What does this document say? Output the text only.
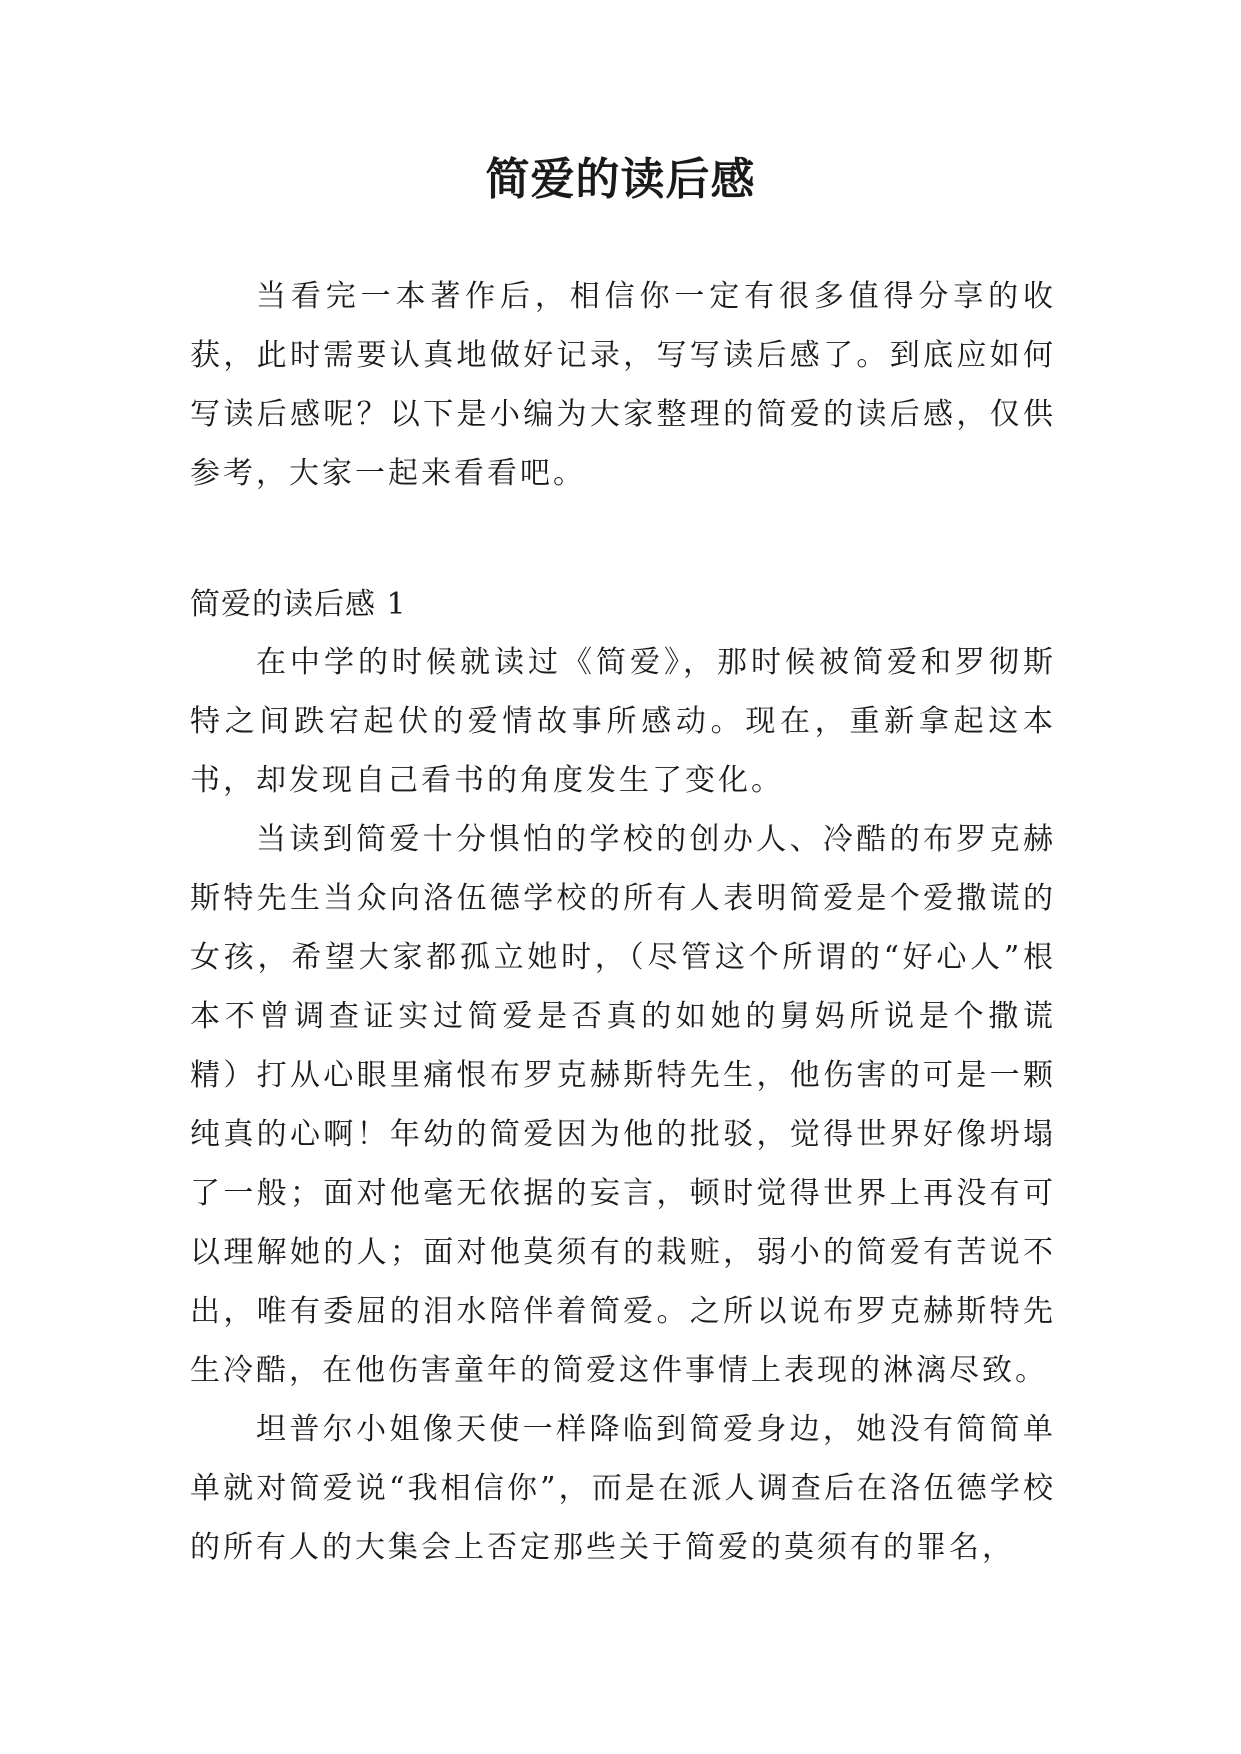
简爱的读后感

当看完一本著作后，相信你一定有很多值得分享的收获，此时需要认真地做好记录，写写读后感了。到底应如何写读后感呢？以下是小编为大家整理的简爱的读后感，仅供参考，大家一起来看看吧。

简爱的读后感 1

在中学的时候就读过《简爱》，那时候被简爱和罗彻斯特之间跌宕起伏的爱情故事所感动。现在，重新拿起这本书，却发现自己看书的角度发生了变化。

当读到简爱十分惧怕的学校的创办人、冷酷的布罗克赫斯特先生当众向洛伍德学校的所有人表明简爱是个爱撒谎的女孩，希望大家都孤立她时，（尽管这个所谓的“好心人”根本不曾调查证实过简爱是否真的如她的舅妈所说是个撒谎精）打从心眼里痛恨布罗克赫斯特先生，他伤害的可是一颗纯真的心啊！年幼的简爱因为他的批驳，觉得世界好像坍塌了一般；面对他毫无依据的妄言，顿时觉得世界上再没有可以理解她的人；面对他莫须有的栽赃，弱小的简爱有苦说不出，唯有委屈的泪水陪伴着简爱。之所以说布罗克赫斯特先生冷酷，在他伤害童年的简爱这件事情上表现的淋漓尽致。

坦普尔小姐像天使一样降临到简爱身边，她没有简简单单就对简爱说“我相信你”，而是在派人调查后在洛伍德学校的所有人的大集会上否定那些关于简爱的莫须有的罪名，
